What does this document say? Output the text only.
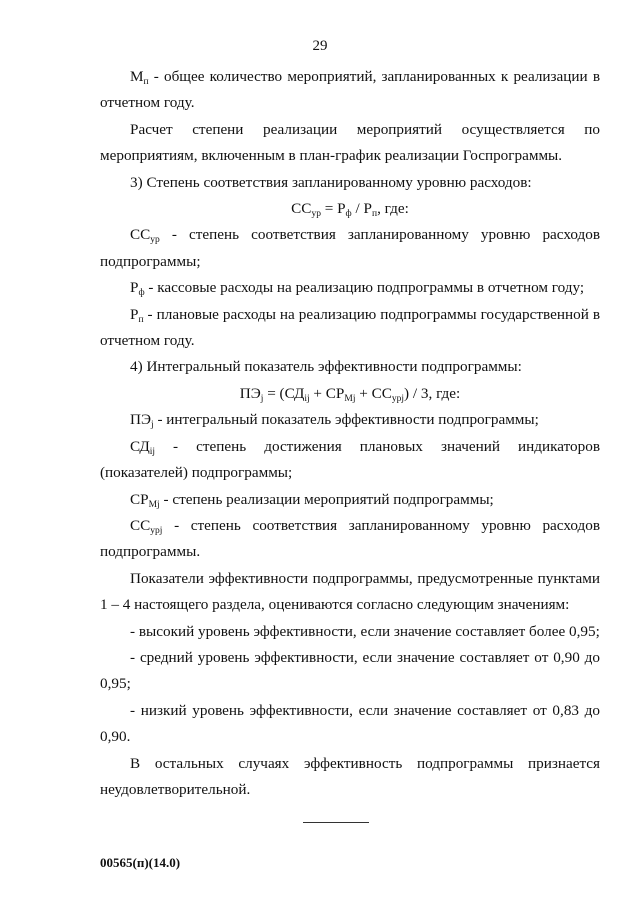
29

$М_п$ - общее количество мероприятий, запланированных к реализации в отчетном году.

Расчет степени реализации мероприятий осуществляется по мероприятиям, включенным в план-график реализации Госпрограммы.

3) Степень соответствия запланированному уровню расходов:

$СС_{ур} = Р_ф / Р_п$, где:

$СС_{ур}$ - степень соответствия запланированному уровню расходов подпрограммы;

$Р_ф$ - кассовые расходы на реализацию подпрограммы в отчетном году;

$Р_п$ - плановые расходы на реализацию подпрограммы государственной в отчетном году.

4) Интегральный показатель эффективности подпрограммы:

$ПЭ_j = (СД_{ij} + СР_{Мj} + СС_{урj}) / 3$, где:

$ПЭ_j$ - интегральный показатель эффективности подпрограммы;

$СД_{ij}$ - степень достижения плановых значений индикаторов (показателей) подпрограммы;

$СР_{Мj}$ - степень реализации мероприятий подпрограммы;

$СС_{урj}$ - степень соответствия запланированному уровню расходов подпрограммы.

Показатели эффективности подпрограммы, предусмотренные пунктами 1 – 4 настоящего раздела, оцениваются согласно следующим значениям:

- высокий уровень эффективности, если значение составляет более 0,95;

- средний уровень эффективности, если значение составляет от 0,90 до 0,95;

- низкий уровень эффективности, если значение составляет от 0,83 до 0,90.

В остальных случаях эффективность подпрограммы признается неудовлетворительной.

00565(п)(14.0)
